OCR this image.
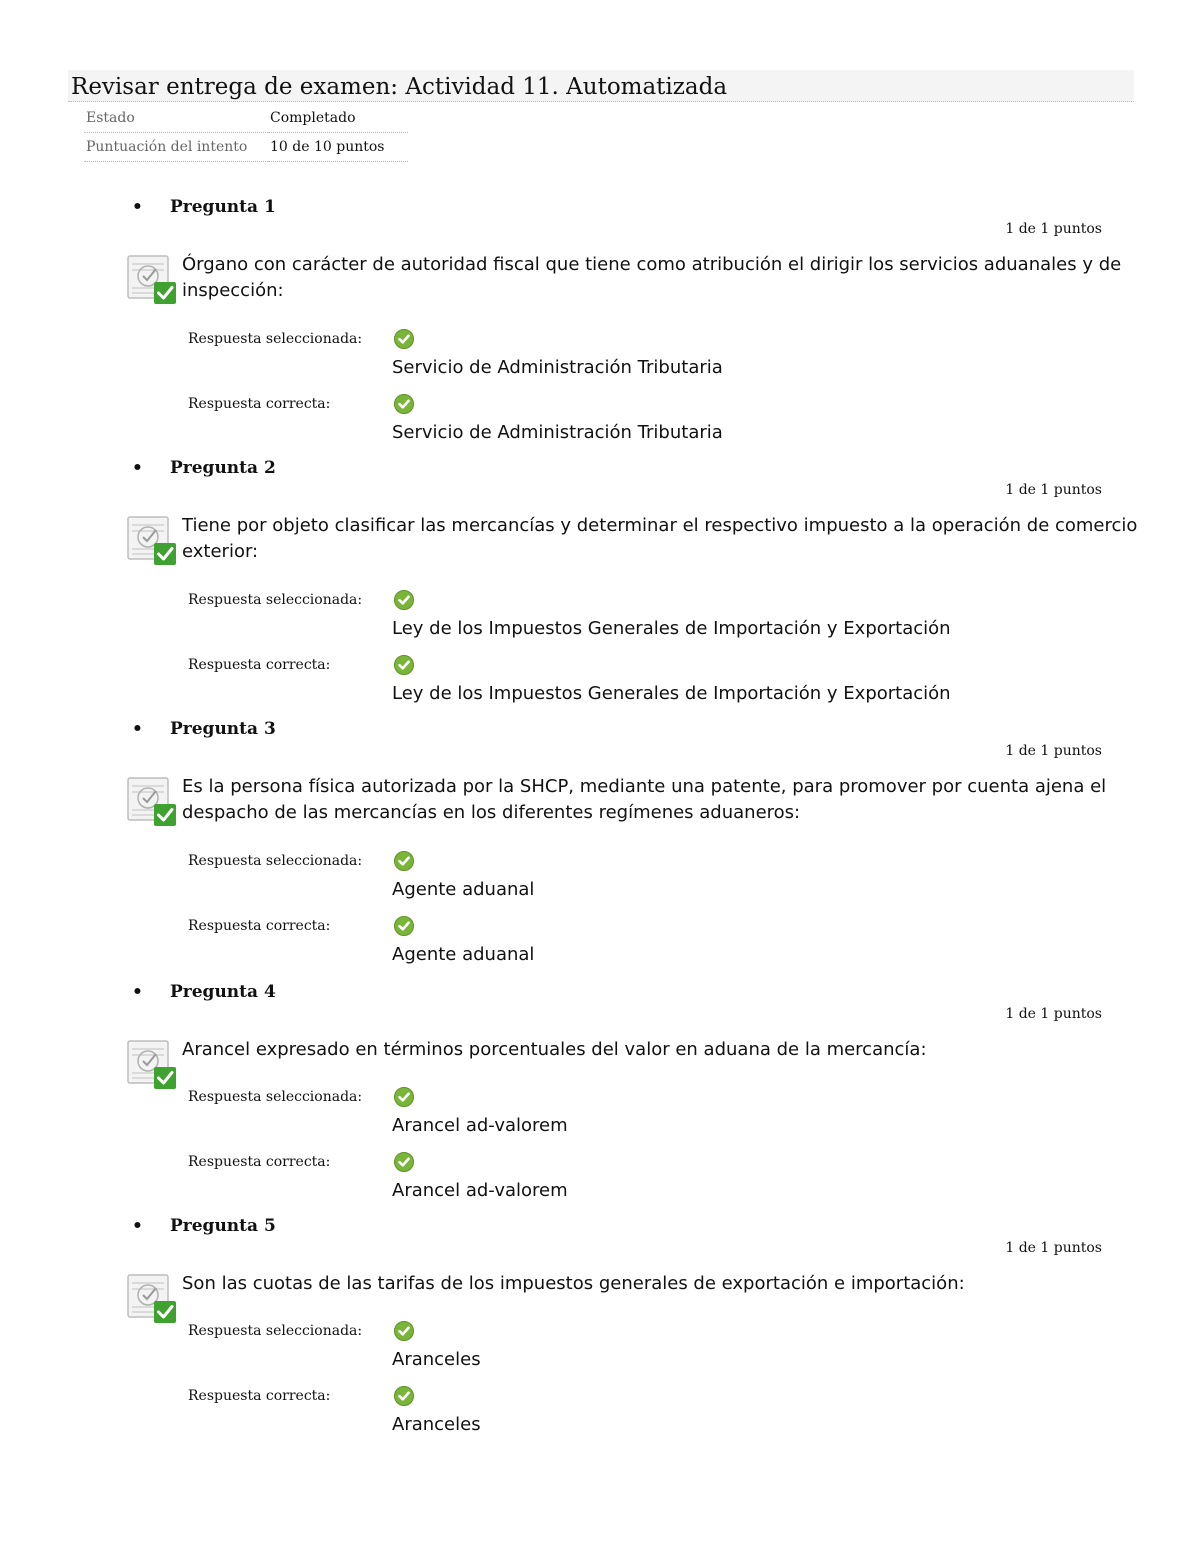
Revisar entrega de examen: Actividad 11. Automatizada
Estado	Completado
Puntuación del intento	10 de 10 puntos
• Pregunta 1
1 de 1 puntos
Órgano con carácter de autoridad fiscal que tiene como atribución el dirigir los servicios aduanales y de inspección:
Respuesta seleccionada:
Servicio de Administración Tributaria
Respuesta correcta:
Servicio de Administración Tributaria
• Pregunta 2
1 de 1 puntos
Tiene por objeto clasificar las mercancías y determinar el respectivo impuesto a la operación de comercio exterior:
Respuesta seleccionada:
Ley de los Impuestos Generales de Importación y Exportación
Respuesta correcta:
Ley de los Impuestos Generales de Importación y Exportación
• Pregunta 3
1 de 1 puntos
Es la persona física autorizada por la SHCP, mediante una patente, para promover por cuenta ajena el despacho de las mercancías en los diferentes regímenes aduaneros:
Respuesta seleccionada:
Agente aduanal
Respuesta correcta:
Agente aduanal
• Pregunta 4
1 de 1 puntos
Arancel expresado en términos porcentuales del valor en aduana de la mercancía:
Respuesta seleccionada:
Arancel ad-valorem
Respuesta correcta:
Arancel ad-valorem
• Pregunta 5
1 de 1 puntos
Son las cuotas de las tarifas de los impuestos generales de exportación e importación:
Respuesta seleccionada:
Aranceles
Respuesta correcta:
Aranceles
